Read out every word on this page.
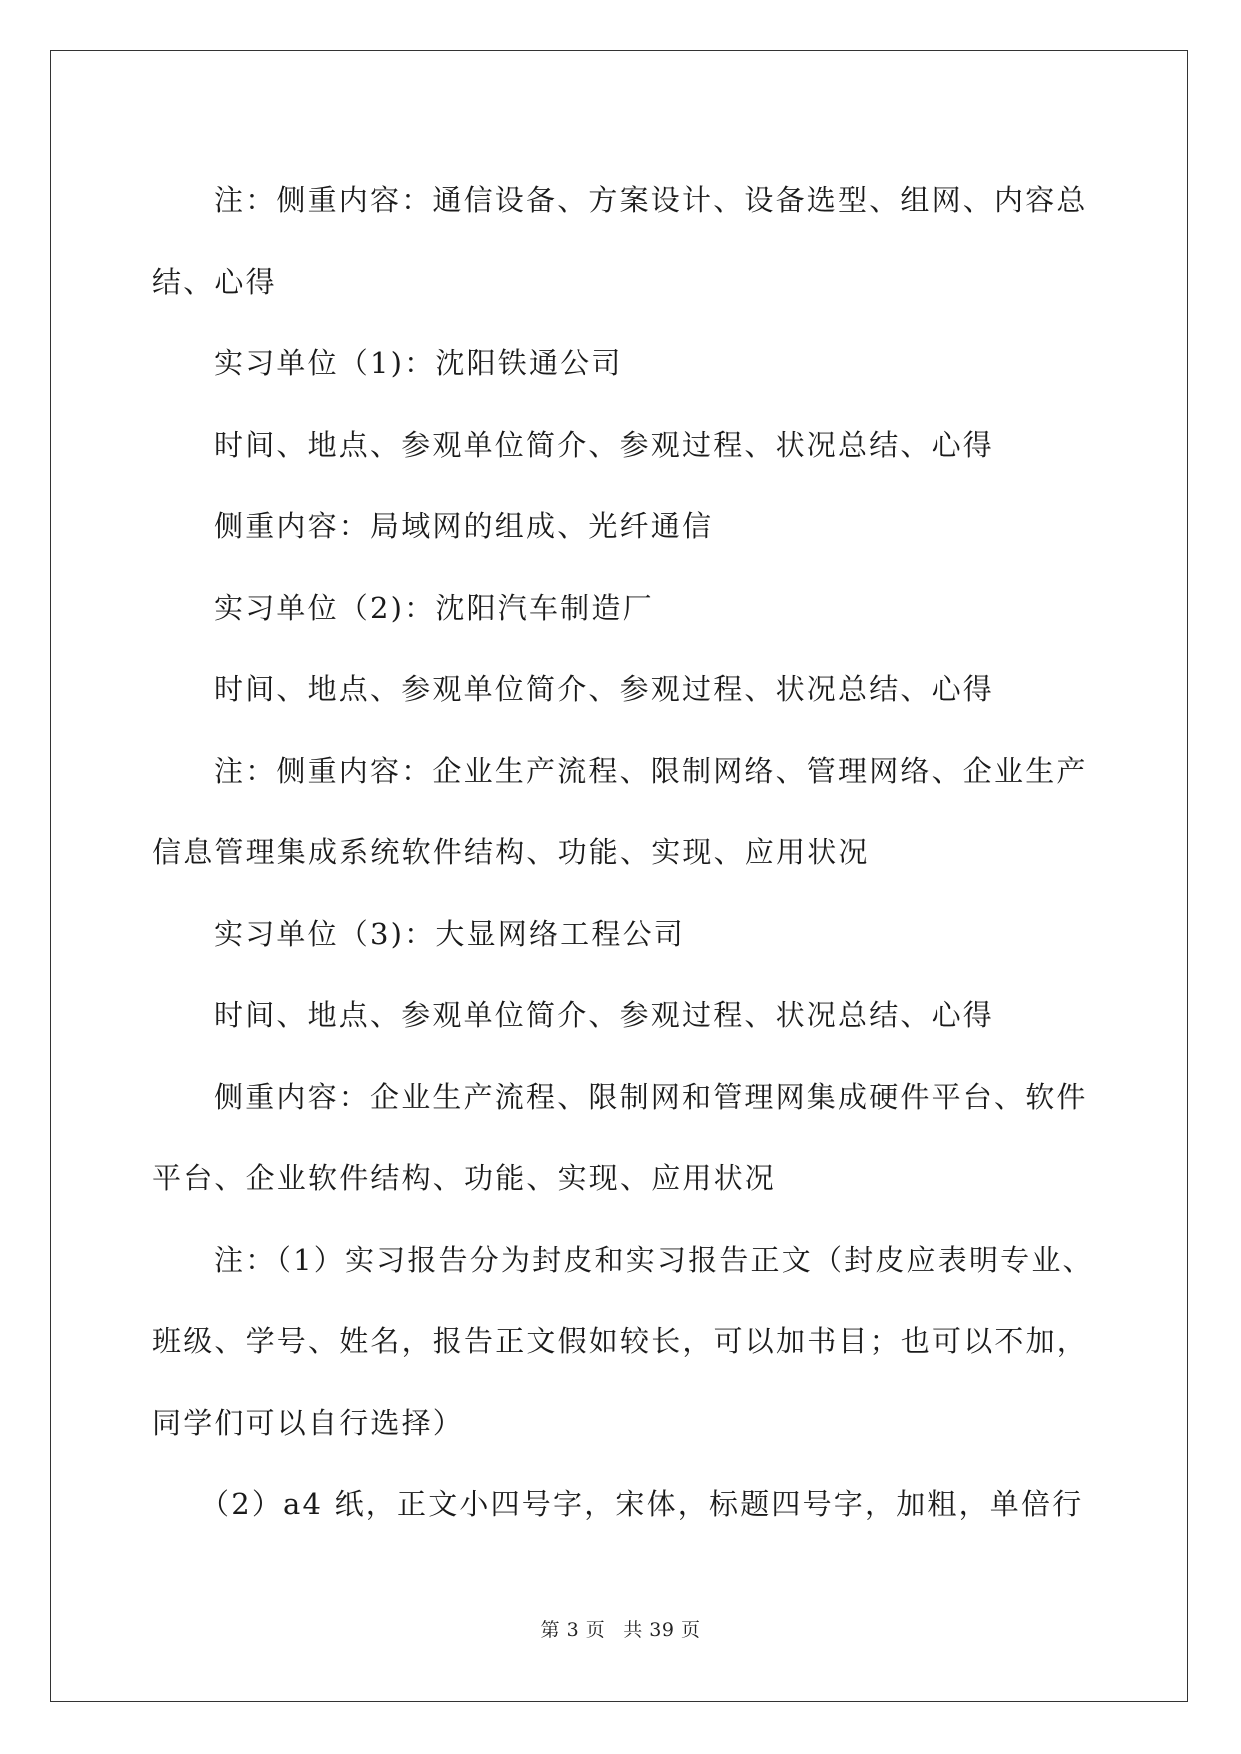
注：侧重内容：通信设备、方案设计、设备选型、组网、内容总
结、心得
实习单位（1)：沈阳铁通公司
时间、地点、参观单位简介、参观过程、状况总结、心得
侧重内容：局域网的组成、光纤通信
实习单位（2)：沈阳汽车制造厂
时间、地点、参观单位简介、参观过程、状况总结、心得
注：侧重内容：企业生产流程、限制网络、管理网络、企业生产
信息管理集成系统软件结构、功能、实现、应用状况
实习单位（3)：大显网络工程公司
时间、地点、参观单位简介、参观过程、状况总结、心得
侧重内容：企业生产流程、限制网和管理网集成硬件平台、软件
平台、企业软件结构、功能、实现、应用状况
注：（1）实习报告分为封皮和实习报告正文（封皮应表明专业、
班级、学号、姓名，报告正文假如较长，可以加书目；也可以不加，
同学们可以自行选择）
（2）a4 纸，正文小四号字，宋体，标题四号字，加粗，单倍行
第 3 页 共 39 页
